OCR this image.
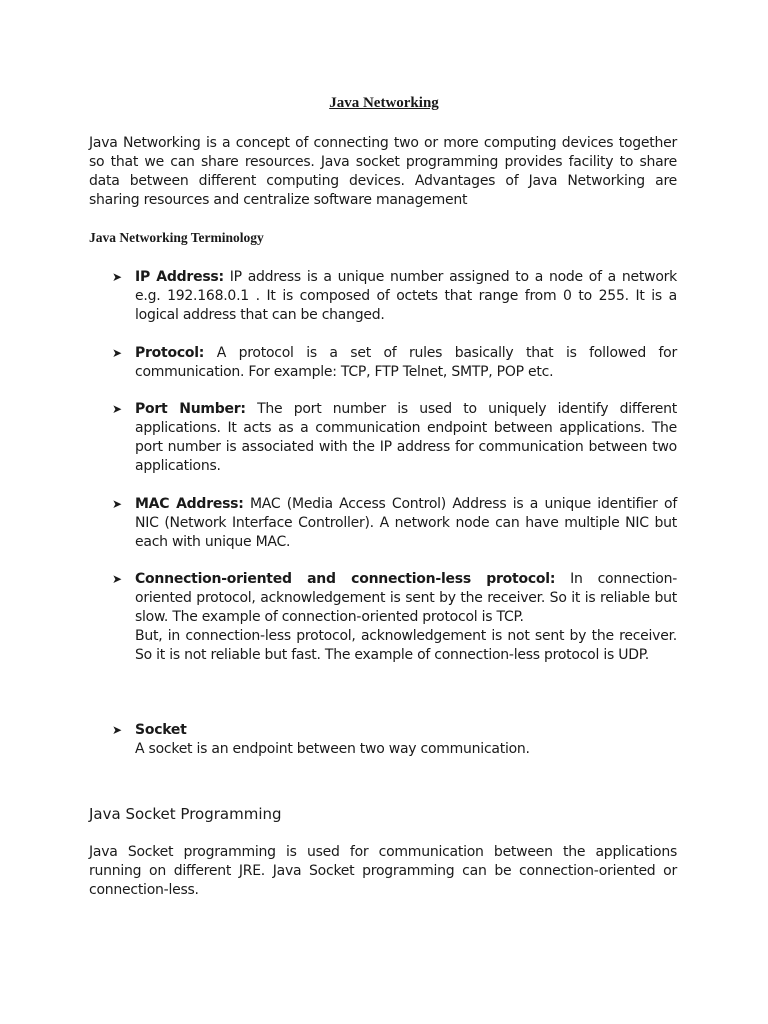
Java Networking
Java Networking is a concept of connecting two or more computing devices together so that we can share resources. Java socket programming provides facility to share data between different computing devices. Advantages of Java Networking are sharing resources and centralize software management
Java Networking Terminology
➤ IP Address: IP address is a unique number assigned to a node of a network e.g. 192.168.0.1 . It is composed of octets that range from 0 to 255. It is a logical address that can be changed.
➤ Protocol: A protocol is a set of rules basically that is followed for communication. For example: TCP, FTP Telnet, SMTP, POP etc.
➤ Port Number: The port number is used to uniquely identify different applications. It acts as a communication endpoint between applications. The port number is associated with the IP address for communication between two applications.
➤ MAC Address: MAC (Media Access Control) Address is a unique identifier of NIC (Network Interface Controller). A network node can have multiple NIC but each with unique MAC.
➤ Connection-oriented and connection-less protocol: In connection-oriented protocol, acknowledgement is sent by the receiver. So it is reliable but slow. The example of connection-oriented protocol is TCP.
But, in connection-less protocol, acknowledgement is not sent by the receiver. So it is not reliable but fast. The example of connection-less protocol is UDP.
➤ Socket
A socket is an endpoint between two way communication.
Java Socket Programming
Java Socket programming is used for communication between the applications running on different JRE. Java Socket programming can be connection-oriented or connection-less.
